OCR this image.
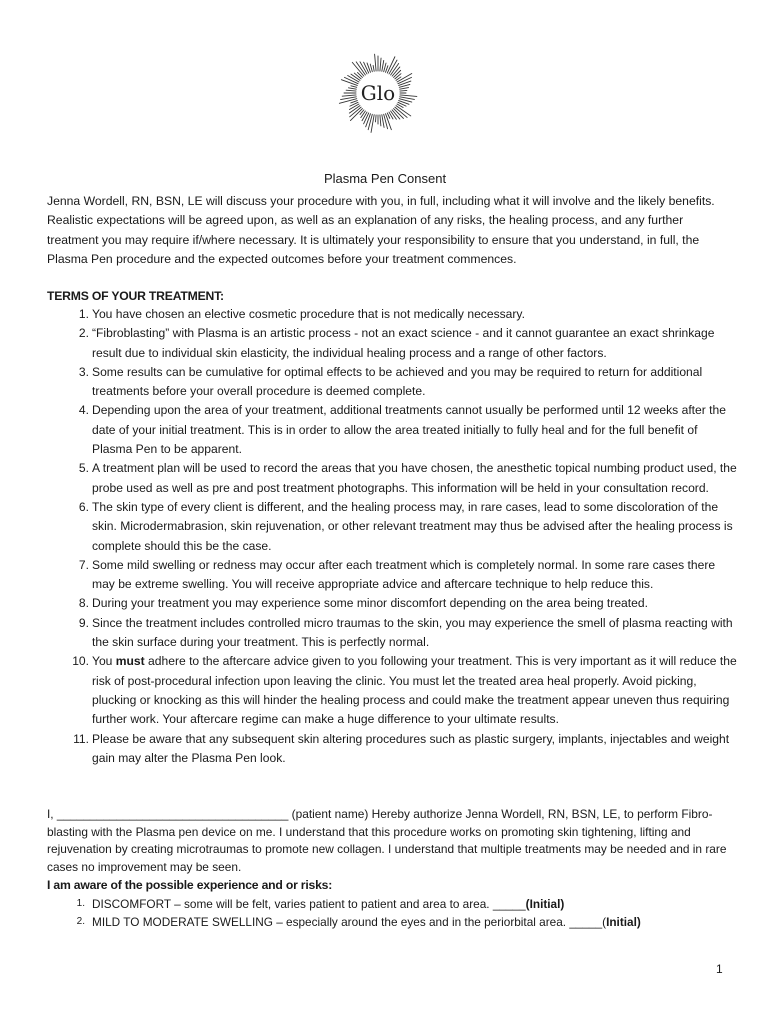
Glo
Plasma Pen Consent
Jenna Wordell, RN, BSN, LE will discuss your procedure with you, in full, including what it will involve and the likely benefits. Realistic expectations will be agreed upon, as well as an explanation of any risks, the healing process, and any further treatment you may require if/where necessary. It is ultimately your responsibility to ensure that you understand, in full, the Plasma Pen procedure and the expected outcomes before your treatment commences.
TERMS OF YOUR TREATMENT:
1. You have chosen an elective cosmetic procedure that is not medically necessary.
2. “Fibroblasting” with Plasma is an artistic process - not an exact science - and it cannot guarantee an exact shrinkage result due to individual skin elasticity, the individual healing process and a range of other factors.
3. Some results can be cumulative for optimal effects to be achieved and you may be required to return for additional treatments before your overall procedure is deemed complete.
4. Depending upon the area of your treatment, additional treatments cannot usually be performed until 12 weeks after the date of your initial treatment. This is in order to allow the area treated initially to fully heal and for the full benefit of Plasma Pen to be apparent.
5. A treatment plan will be used to record the areas that you have chosen, the anesthetic topical numbing product used, the probe used as well as pre and post treatment photographs. This information will be held in your consultation record.
6. The skin type of every client is different, and the healing process may, in rare cases, lead to some discoloration of the skin. Microdermabrasion, skin rejuvenation, or other relevant treatment may thus be advised after the healing process is complete should this be the case.
7. Some mild swelling or redness may occur after each treatment which is completely normal. In some rare cases there may be extreme swelling. You will receive appropriate advice and aftercare technique to help reduce this.
8. During your treatment you may experience some minor discomfort depending on the area being treated.
9. Since the treatment includes controlled micro traumas to the skin, you may experience the smell of plasma reacting with the skin surface during your treatment. This is perfectly normal.
10. You must adhere to the aftercare advice given to you following your treatment. This is very important as it will reduce the risk of post-procedural infection upon leaving the clinic. You must let the treated area heal properly. Avoid picking, plucking or knocking as this will hinder the healing process and could make the treatment appear uneven thus requiring further work. Your aftercare regime can make a huge difference to your ultimate results.
11. Please be aware that any subsequent skin altering procedures such as plastic surgery, implants, injectables and weight gain may alter the Plasma Pen look.
I, ___________________________________ (patient name) Hereby authorize Jenna Wordell, RN, BSN, LE, to perform Fibro-blasting with the Plasma pen device on me. I understand that this procedure works on promoting skin tightening, lifting and rejuvenation by creating microtraumas to promote new collagen. I understand that multiple treatments may be needed and in rare cases no improvement may be seen.
I am aware of the possible experience and or risks:
1. DISCOMFORT – some will be felt, varies patient to patient and area to area. _____(Initial)
2. MILD TO MODERATE SWELLING – especially around the eyes and in the periorbital area. _____(Initial)
1
